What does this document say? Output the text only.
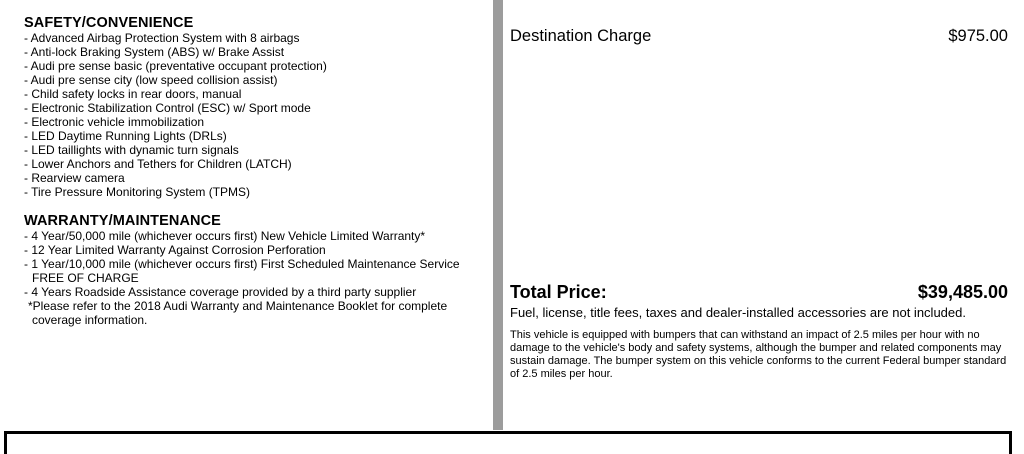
SAFETY/CONVENIENCE
- Advanced Airbag Protection System with 8 airbags
- Anti-lock Braking System (ABS) w/ Brake Assist
- Audi pre sense basic (preventative occupant protection)
- Audi pre sense city (low speed collision assist)
- Child safety locks in rear doors, manual
- Electronic Stabilization Control (ESC) w/ Sport mode
- Electronic vehicle immobilization
- LED Daytime Running Lights (DRLs)
- LED taillights with dynamic turn signals
- Lower Anchors and Tethers for Children (LATCH)
- Rearview camera
- Tire Pressure Monitoring System (TPMS)
WARRANTY/MAINTENANCE
- 4 Year/50,000 mile (whichever occurs first) New Vehicle Limited Warranty*
- 12 Year Limited Warranty Against Corrosion Perforation
- 1 Year/10,000 mile (whichever occurs first) First Scheduled Maintenance Service
FREE OF CHARGE
- 4 Years Roadside Assistance coverage provided by a third party supplier
*Please refer to the 2018 Audi Warranty and Maintenance Booklet for complete
coverage information.
Destination Charge	$975.00
Total Price:	$39,485.00
Fuel, license, title fees, taxes and dealer-installed accessories are not included.
This vehicle is equipped with bumpers that can withstand an impact of 2.5 miles per hour with no damage to the vehicle's body and safety systems, although the bumper and related components may sustain damage. The bumper system on this vehicle conforms to the current Federal bumper standard of 2.5 miles per hour.
